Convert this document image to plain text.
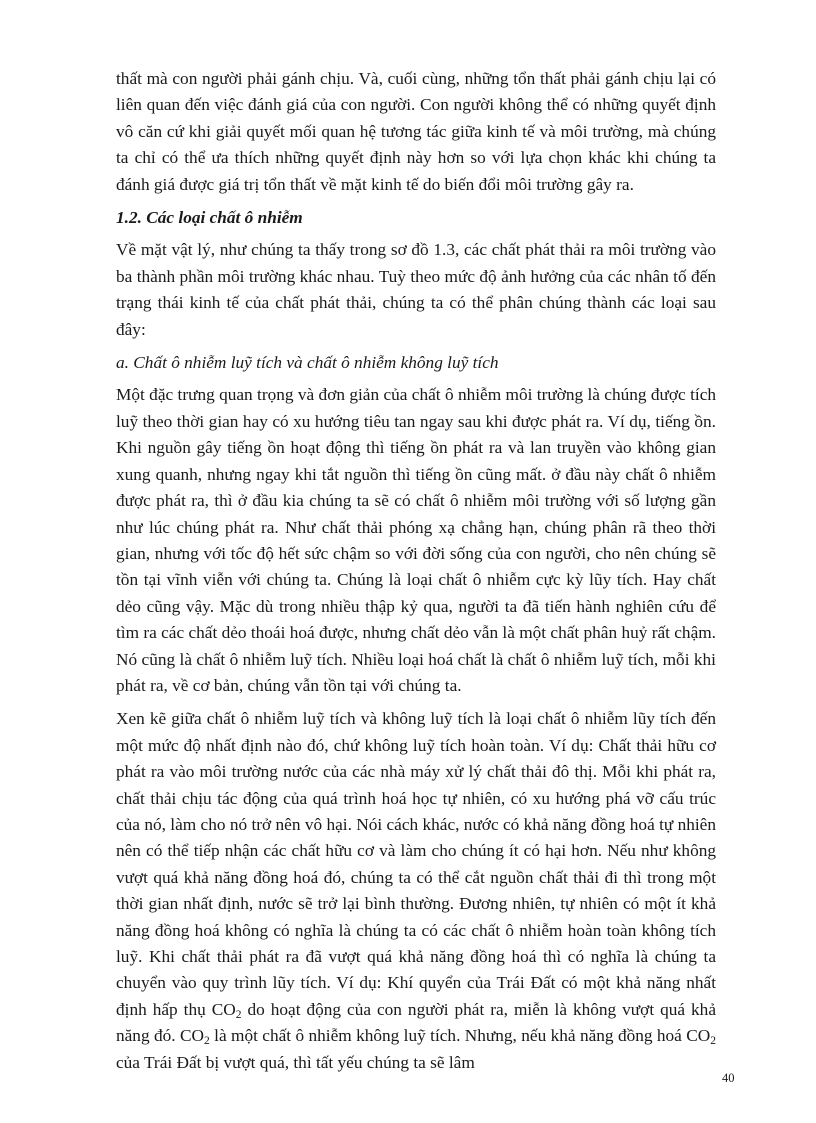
thất mà con người phải gánh chịu. Và, cuối cùng, những tổn thất phải gánh chịu lại có liên quan đến việc đánh giá của con người. Con người không thể có những quyết định vô căn cứ khi giải quyết mối quan hệ tương tác giữa kinh tế và môi trường, mà chúng ta chỉ có thể ưa thích những quyết định này hơn so với lựa chọn khác khi chúng ta đánh giá được giá trị tổn thất về mặt kinh tế do biến đổi môi trường gây ra.

1.2. Các loại chất ô nhiễm

Về mặt vật lý, như chúng ta thấy trong sơ đồ 1.3, các chất phát thải ra môi trường vào ba thành phần môi trường khác nhau. Tuỳ theo mức độ ảnh hưởng của các nhân tố đến trạng thái kinh tế của chất phát thải, chúng ta có thể phân chúng thành các loại sau đây:

a. Chất ô nhiễm luỹ tích và chất ô nhiễm không luỹ tích

Một đặc trưng quan trọng và đơn giản của chất ô nhiễm môi trường là chúng được tích luỹ theo thời gian hay có xu hướng tiêu tan ngay sau khi được phát ra. Ví dụ, tiếng ồn. Khi nguồn gây tiếng ồn hoạt động thì tiếng ồn phát ra và lan truyền vào không gian xung quanh, nhưng ngay khi tắt nguồn thì tiếng ồn cũng mất. ở đầu này chất ô nhiễm được phát ra, thì ở đầu kia chúng ta sẽ có chất ô nhiễm môi trường với số lượng gần như lúc chúng phát ra. Như chất thải phóng xạ chẳng hạn, chúng phân rã theo thời gian, nhưng với tốc độ hết sức chậm so với đời sống của con người, cho nên chúng sẽ tồn tại vĩnh viễn với chúng ta. Chúng là loại chất ô nhiễm cực kỳ lũy tích. Hay chất dẻo cũng vậy. Mặc dù trong nhiều thập kỷ qua, người ta đã tiến hành nghiên cứu để tìm ra các chất dẻo thoái hoá được, nhưng chất dẻo vẫn là một chất phân huỷ rất chậm. Nó cũng là chất ô nhiễm luỹ tích. Nhiều loại hoá chất là chất ô nhiễm luỹ tích, mỗi khi phát ra, về cơ bản, chúng vẫn tồn tại với chúng ta.

Xen kẽ giữa chất ô nhiễm luỹ tích và không luỹ tích là loại chất ô nhiễm lũy tích đến một mức độ nhất định nào đó, chứ không luỹ tích hoàn toàn. Ví dụ: Chất thải hữu cơ phát ra vào môi trường nước của các nhà máy xử lý chất thải đô thị. Mỗi khi phát ra, chất thải chịu tác động của quá trình hoá học tự nhiên, có xu hướng phá vỡ cấu trúc của nó, làm cho nó trở nên vô hại. Nói cách khác, nước có khả năng đồng hoá tự nhiên nên có thể tiếp nhận các chất hữu cơ và làm cho chúng ít có hại hơn. Nếu như không vượt quá khả năng đồng hoá đó, chúng ta có thể cắt nguồn chất thải đi thì trong một thời gian nhất định, nước sẽ trở lại bình thường. Đương nhiên, tự nhiên có một ít khả năng đồng hoá không có nghĩa là chúng ta có các chất ô nhiễm hoàn toàn không tích luỹ. Khi chất thải phát ra đã vượt quá khả năng đồng hoá thì có nghĩa là chúng ta chuyển vào quy trình lũy tích. Ví dụ: Khí quyển của Trái Đất có một khả năng nhất định hấp thụ $CO_2$ do hoạt động của con người phát ra, miễn là không vượt quá khả năng đó. $CO_2$ là một chất ô nhiễm không luỹ tích. Nhưng, nếu khả năng đồng hoá $CO_2$ của Trái Đất bị vượt quá, thì tất yếu chúng ta sẽ lâm

40
